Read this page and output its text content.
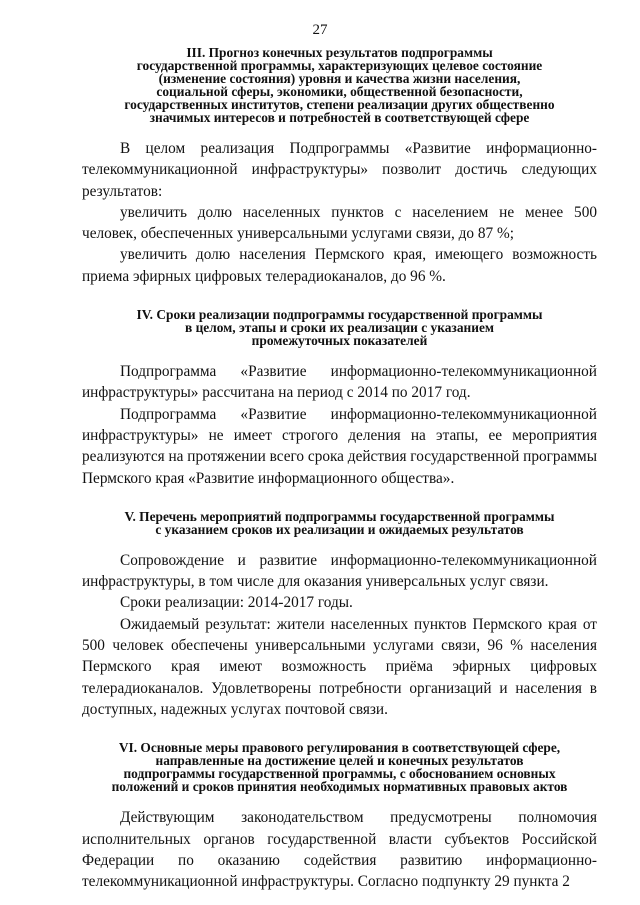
27
III. Прогноз конечных результатов подпрограммы
государственной программы, характеризующих целевое состояние
(изменение состояния) уровня и качества жизни населения,
социальной сферы, экономики, общественной безопасности,
государственных институтов, степени реализации других общественно
значимых интересов и потребностей в соответствующей сфере

В целом реализация Подпрограммы «Развитие информационно-телекоммуникационной инфраструктуры» позволит достичь следующих результатов:

увеличить долю населенных пунктов с населением не менее 500 человек, обеспеченных универсальными услугами связи, до 87 %;

увеличить долю населения Пермского края, имеющего возможность приема эфирных цифровых телерадиоканалов, до 96 %.

IV. Сроки реализации подпрограммы государственной программы
в целом, этапы и сроки их реализации с указанием
промежуточных показателей

Подпрограмма «Развитие информационно-телекоммуникационной инфраструктуры» рассчитана на период с 2014 по 2017 год.

Подпрограмма «Развитие информационно-телекоммуникационной инфраструктуры» не имеет строгого деления на этапы, ее мероприятия реализуются на протяжении всего срока действия государственной программы Пермского края «Развитие информационного общества».

V. Перечень мероприятий подпрограммы государственной программы
с указанием сроков их реализации и ожидаемых результатов

Сопровождение и развитие информационно-телекоммуникационной инфраструктуры, в том числе для оказания универсальных услуг связи.

Сроки реализации: 2014-2017 годы.

Ожидаемый результат: жители населенных пунктов Пермского края от 500 человек обеспечены универсальными услугами связи, 96 % населения Пермского края имеют возможность приёма эфирных цифровых телерадиоканалов. Удовлетворены потребности организаций и населения в доступных, надежных услугах почтовой связи.

VI. Основные меры правового регулирования в соответствующей сфере,
направленные на достижение целей и конечных результатов
подпрограммы государственной программы, с обоснованием основных
положений и сроков принятия необходимых нормативных правовых актов

Действующим законодательством предусмотрены полномочия исполнительных органов государственной власти субъектов Российской Федерации по оказанию содействия развитию информационно-телекоммуникационной инфраструктуры. Согласно подпункту 29 пункта 2
